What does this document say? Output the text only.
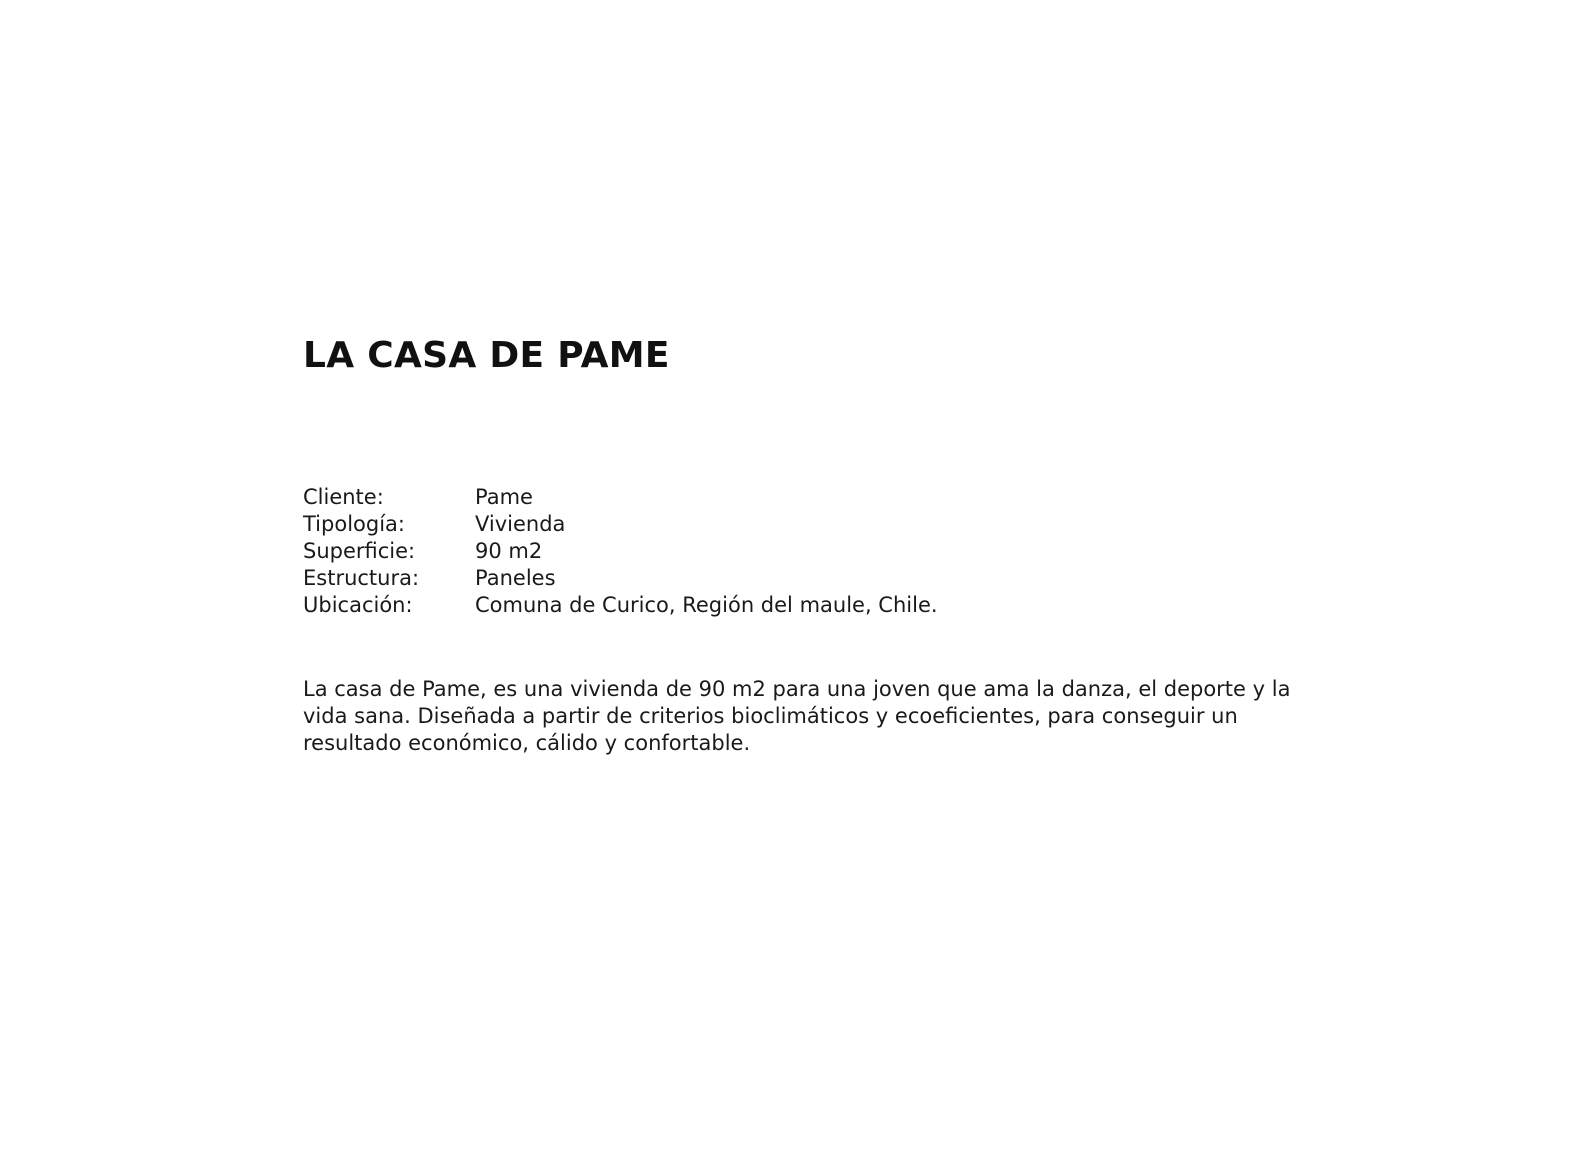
LA CASA DE PAME
Cliente:	Pame
Tipología:	Vivienda
Superficie:	90 m2
Estructura:	Paneles
Ubicación:	Comuna de Curico, Región del maule, Chile.

La casa de Pame, es una vivienda de 90 m2 para una joven que ama la danza, el deporte y la vida sana. Diseñada a partir de criterios bioclimáticos y ecoeficientes, para conseguir un resultado económico, cálido y confortable.
